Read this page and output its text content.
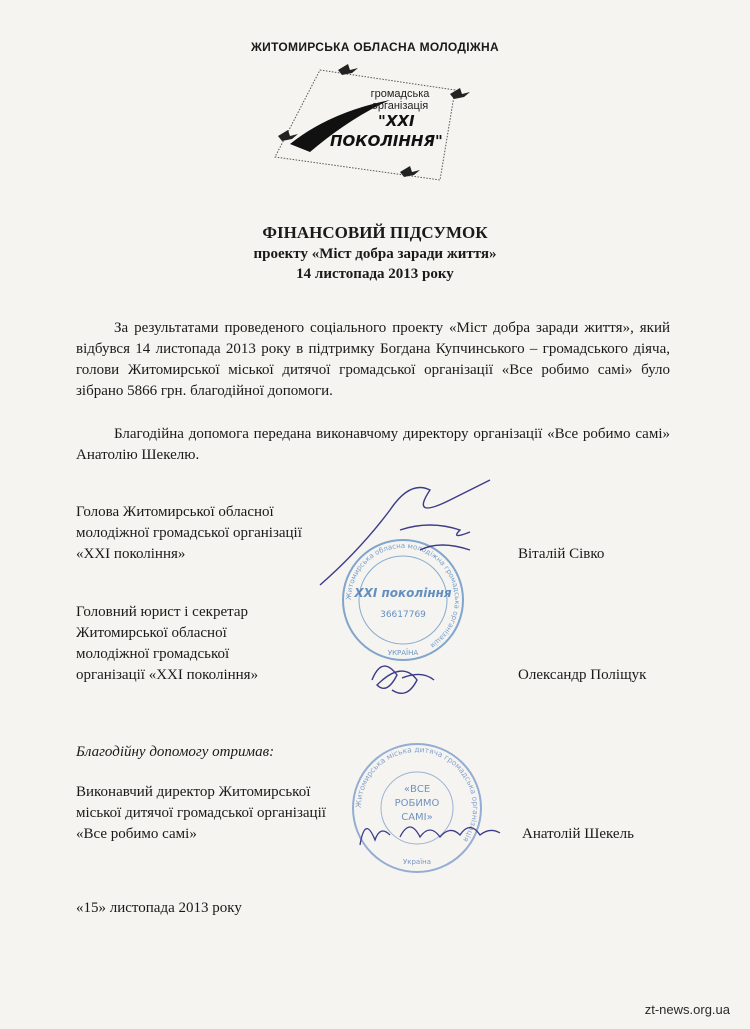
ЖИТОМИРСЬКА ОБЛАСНА МОЛОДІЖНА
громадська
організація
"XXI
ПОКОЛІННЯ"
ФІНАНСОВИЙ ПІДСУМОК
проекту «Міст добра заради життя»
14 листопада 2013 року
За результатами проведеного соціального проекту «Міст добра заради життя», який відбувся 14 листопада 2013 року в підтримку Богдана Купчинського – громадського діяча, голови Житомирської міської дитячої громадської організації «Все робимо самі» було зібрано 5866 грн. благодійної допомоги.
Благодійна допомога передана виконавчому директору організації «Все робимо самі» Анатолію Шекелю.
Житомирська обласна молодіжна громадська організація
XXI покоління
36617769
УКРАЇНА
Голова Житомирської обласної
молодіжної громадської організації
«XXI покоління»	Віталій Сівко
Головний юрист і секретар
Житомирської обласної
молодіжної громадської
організації «XXI покоління»	Олександр Поліщук
Благодійну допомогу отримав:
Житомирська міська дитяча громадська організація
«ВСЕ
РОБИМО
САМІ»
Україна
Виконавчий директор Житомирської
міської дитячої громадської організації
«Все робимо самі»	Анатолій Шекель
«15» листопада 2013 року
zt-news.org.ua
